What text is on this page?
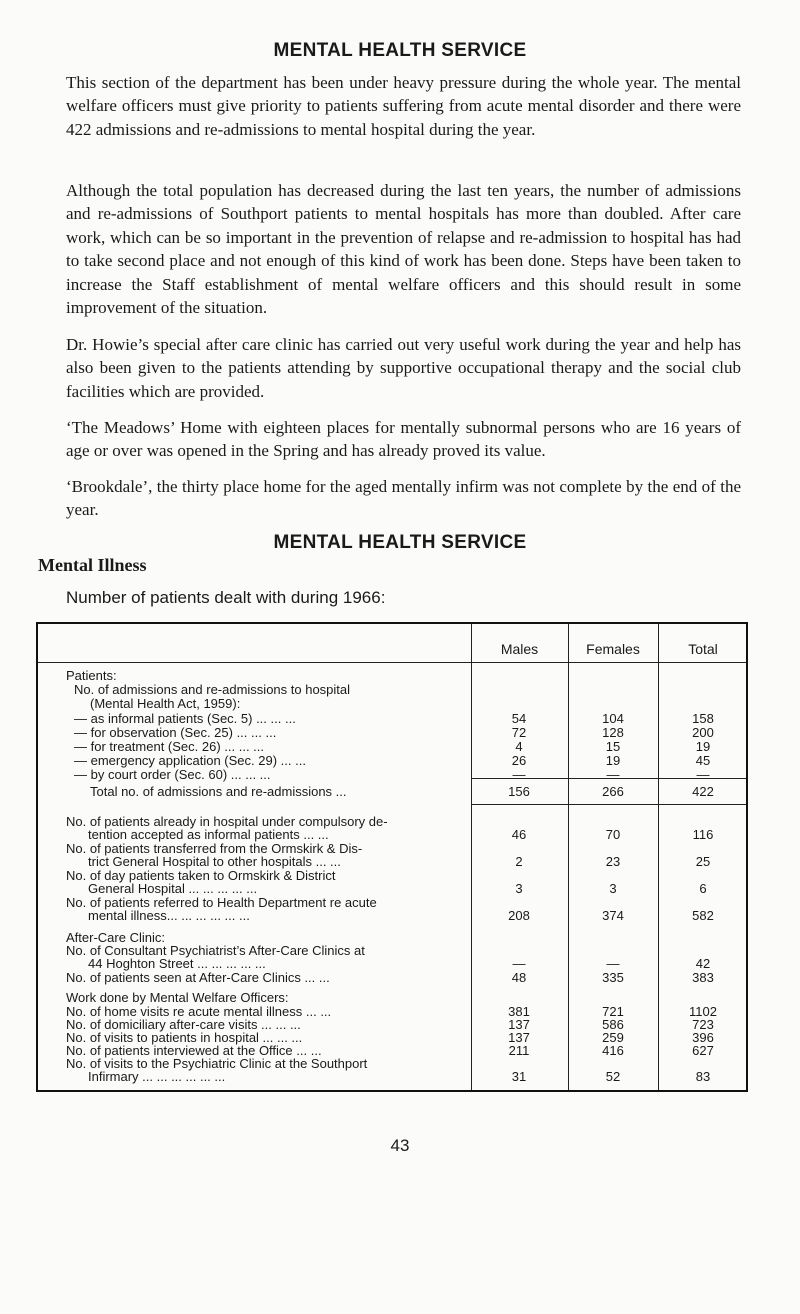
MENTAL HEALTH SERVICE

This section of the department has been under heavy pressure during the whole year. The mental welfare officers must give priority to patients suffering from acute mental disorder and there were 422 admissions and re-admissions to mental hospital during the year.

Although the total population has decreased during the last ten years, the number of admissions and re-admissions of Southport patients to mental hospitals has more than doubled. After care work, which can be so important in the prevention of relapse and re-admission to hospital has had to take second place and not enough of this kind of work has been done. Steps have been taken to increase the Staff establishment of mental welfare officers and this should result in some improvement of the situation.

Dr. Howie’s special after care clinic has carried out very useful work during the year and help has also been given to the patients attending by supportive occupational therapy and the social club facilities which are provided.

‘The Meadows’ Home with eighteen places for mentally subnormal persons who are 16 years of age or over was opened in the Spring and has already proved its value.

‘Brookdale’, the thirty place home for the aged mentally infirm was not complete by the end of the year.

MENTAL HEALTH SERVICE
Mental Illness
Number of patients dealt with during 1966:
Males	Females	Total
Patients:
No. of admissions and re-admissions to hospital
(Mental Health Act, 1959):
— as informal patients (Sec. 5) ... ... ...	54	104	158
— for observation (Sec. 25) ... ... ...	72	128	200
— for treatment (Sec. 26) ... ... ...	4	15	19
— emergency application (Sec. 29) ... ...	26	19	45
— by court order (Sec. 60) ... ... ...	—	—	—
Total no. of admissions and re-admissions ...	156	266	422
No. of patients already in hospital under compulsory de-
tention accepted as informal patients ... ...	46	70	116
No. of patients transferred from the Ormskirk & Dis-
trict General Hospital to other hospitals ... ...	2	23	25
No. of day patients taken to Ormskirk & District
General Hospital ... ... ... ... ...	3	3	6
No. of patients referred to Health Department re acute
mental illness... ... ... ... ... ...	208	374	582
After-Care Clinic:
No. of Consultant Psychiatrist’s After-Care Clinics at
44 Hoghton Street ... ... ... ... ...	—	—	42
No. of patients seen at After-Care Clinics ... ...	48	335	383
Work done by Mental Welfare Officers:
No. of home visits re acute mental illness ... ...	381	721	1102
No. of domiciliary after-care visits ... ... ...	137	586	723
No. of visits to patients in hospital ... ... ...	137	259	396
No. of patients interviewed at the Office ... ...	211	416	627
No. of visits to the Psychiatric Clinic at the Southport
Infirmary ... ... ... ... ... ...	31	52	83
43
